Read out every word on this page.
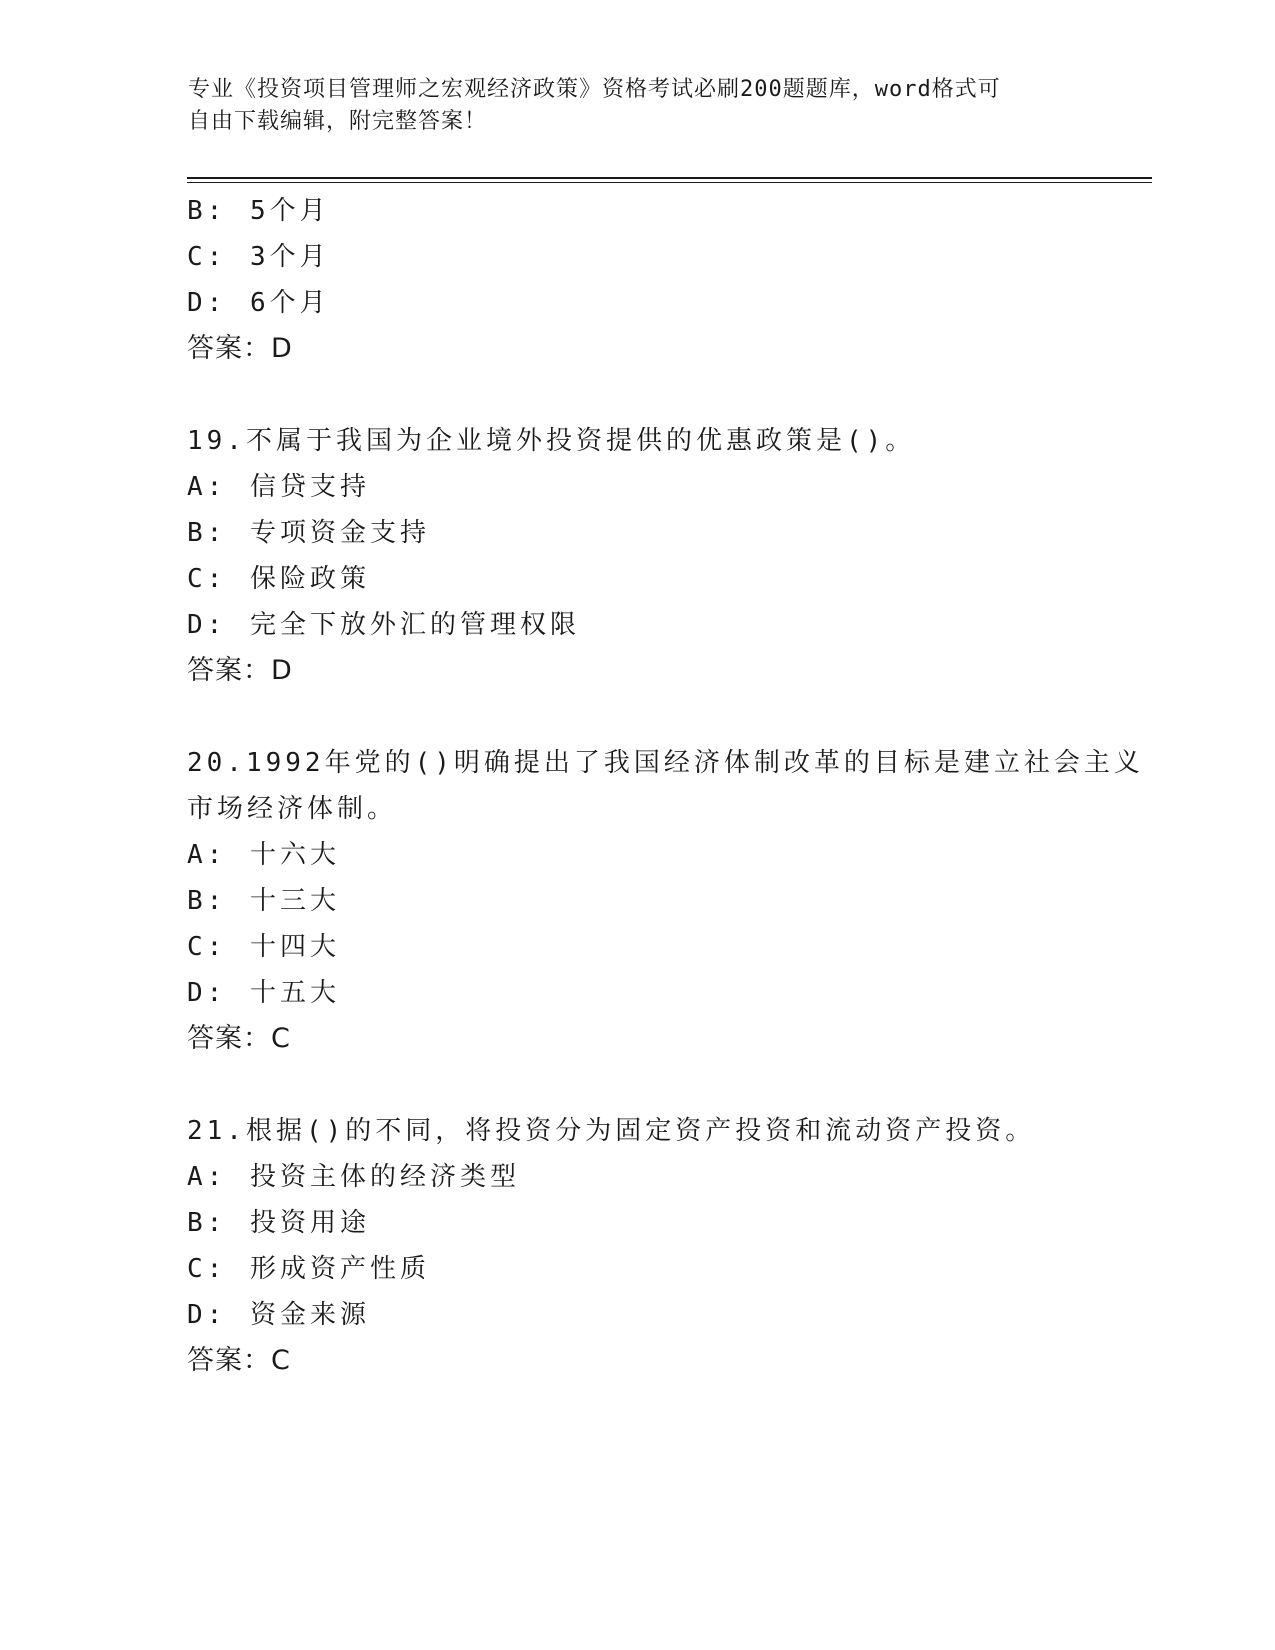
专业《投资项目管理师之宏观经济政策》资格考试必刷200题题库，word格式可
自由下载编辑，附完整答案！
B: 5个月
C: 3个月
D: 6个月
答案：D
19.不属于我国为企业境外投资提供的优惠政策是()。
A: 信贷支持
B: 专项资金支持
C: 保险政策
D: 完全下放外汇的管理权限
答案：D
20.1992年党的()明确提出了我国经济体制改革的目标是建立社会主义
市场经济体制。
A: 十六大
B: 十三大
C: 十四大
D: 十五大
答案：C
21.根据()的不同，将投资分为固定资产投资和流动资产投资。
A: 投资主体的经济类型
B: 投资用途
C: 形成资产性质
D: 资金来源
答案：C
